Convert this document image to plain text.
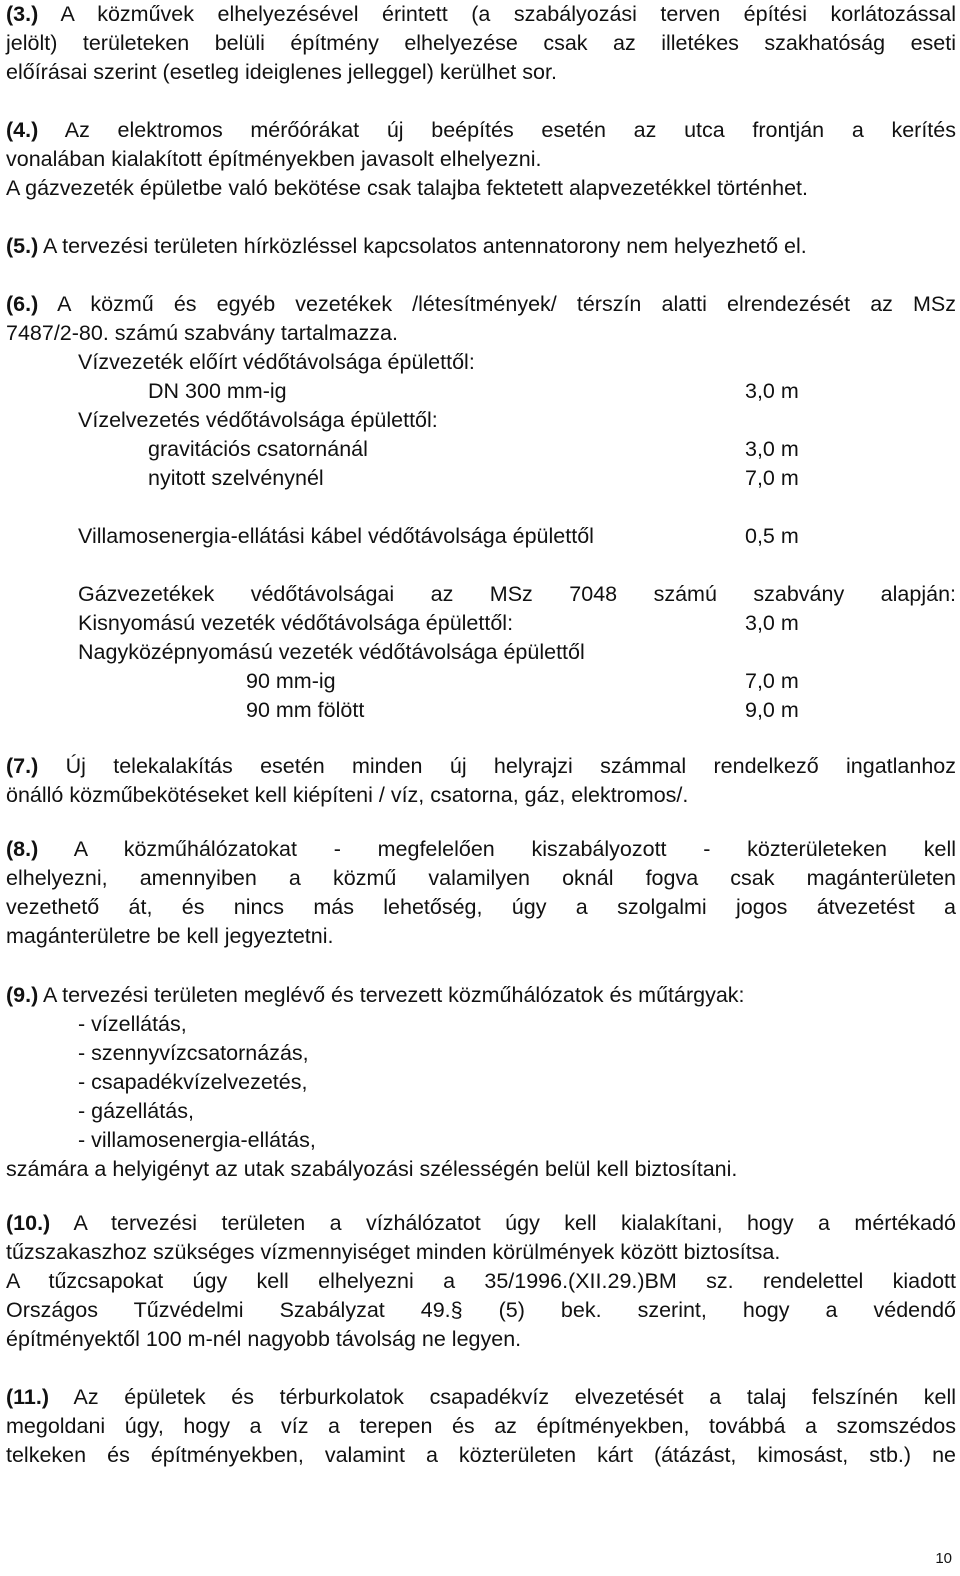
(3.) A közművek elhelyezésével érintett (a szabályozási terven építési korlátozással
jelölt) területeken belüli építmény elhelyezése csak az illetékes szakhatóság eseti
előírásai szerint (esetleg ideiglenes jelleggel) kerülhet sor.
(4.) Az elektromos mérőórákat új beépítés esetén az utca frontján a kerítés
vonalában kialakított építményekben javasolt elhelyezni.
A gázvezeték épületbe való bekötése csak talajba fektetett alapvezetékkel történhet.
(5.) A tervezési területen hírközléssel kapcsolatos antennatorony nem helyezhető el.
(6.) A közmű és egyéb vezetékek /létesítmények/ térszín alatti elrendezését az MSz
7487/2-80. számú szabvány tartalmazza.
Vízvezeték előírt védőtávolsága épülettől:
DN 300 mm-ig	3,0 m
Vízelvezetés védőtávolsága épülettől:
gravitációs csatornánál	3,0 m
nyitott szelvénynél	7,0 m
Villamosenergia-ellátási kábel védőtávolsága épülettől	0,5 m
Gázvezetékek védőtávolságai az MSz 7048 számú szabvány alapján:
Kisnyomású vezeték védőtávolsága épülettől:	3,0 m
Nagyközépnyomású vezeték védőtávolsága épülettől
90 mm-ig	7,0 m
90 mm fölött	9,0 m
(7.) Új telekalakítás esetén minden új helyrajzi számmal rendelkező ingatlanhoz
önálló közműbekötéseket kell kiépíteni / víz, csatorna, gáz, elektromos/.
(8.) A közműhálózatokat - megfelelően kiszabályozott - közterületeken kell
elhelyezni, amennyiben a közmű valamilyen oknál fogva csak magánterületen
vezethető át, és nincs más lehetőség, úgy a szolgalmi jogos átvezetést a
magánterületre be kell jegyeztetni.
(9.) A tervezési területen meglévő és tervezett közműhálózatok és műtárgyak:
- vízellátás,
- szennyvízcsatornázás,
- csapadékvízelvezetés,
- gázellátás,
- villamosenergia-ellátás,
számára a helyigényt az utak szabályozási szélességén belül kell biztosítani.
(10.) A tervezési területen a vízhálózatot úgy kell kialakítani, hogy a mértékadó
tűzszakaszhoz szükséges vízmennyiséget minden körülmények között biztosítsa.
A tűzcsapokat úgy kell elhelyezni a 35/1996.(XII.29.)BM sz. rendelettel kiadott
Országos Tűzvédelmi Szabályzat 49.§ (5) bek. szerint, hogy a védendő
építményektől 100 m-nél nagyobb távolság ne legyen.
(11.) Az épületek és térburkolatok csapadékvíz elvezetését a talaj felszínén kell
megoldani úgy, hogy a víz a terepen és az építményekben, továbbá a szomszédos
telkeken és építményekben, valamint a közterületen kárt (átázást, kimosást, stb.) ne
10
